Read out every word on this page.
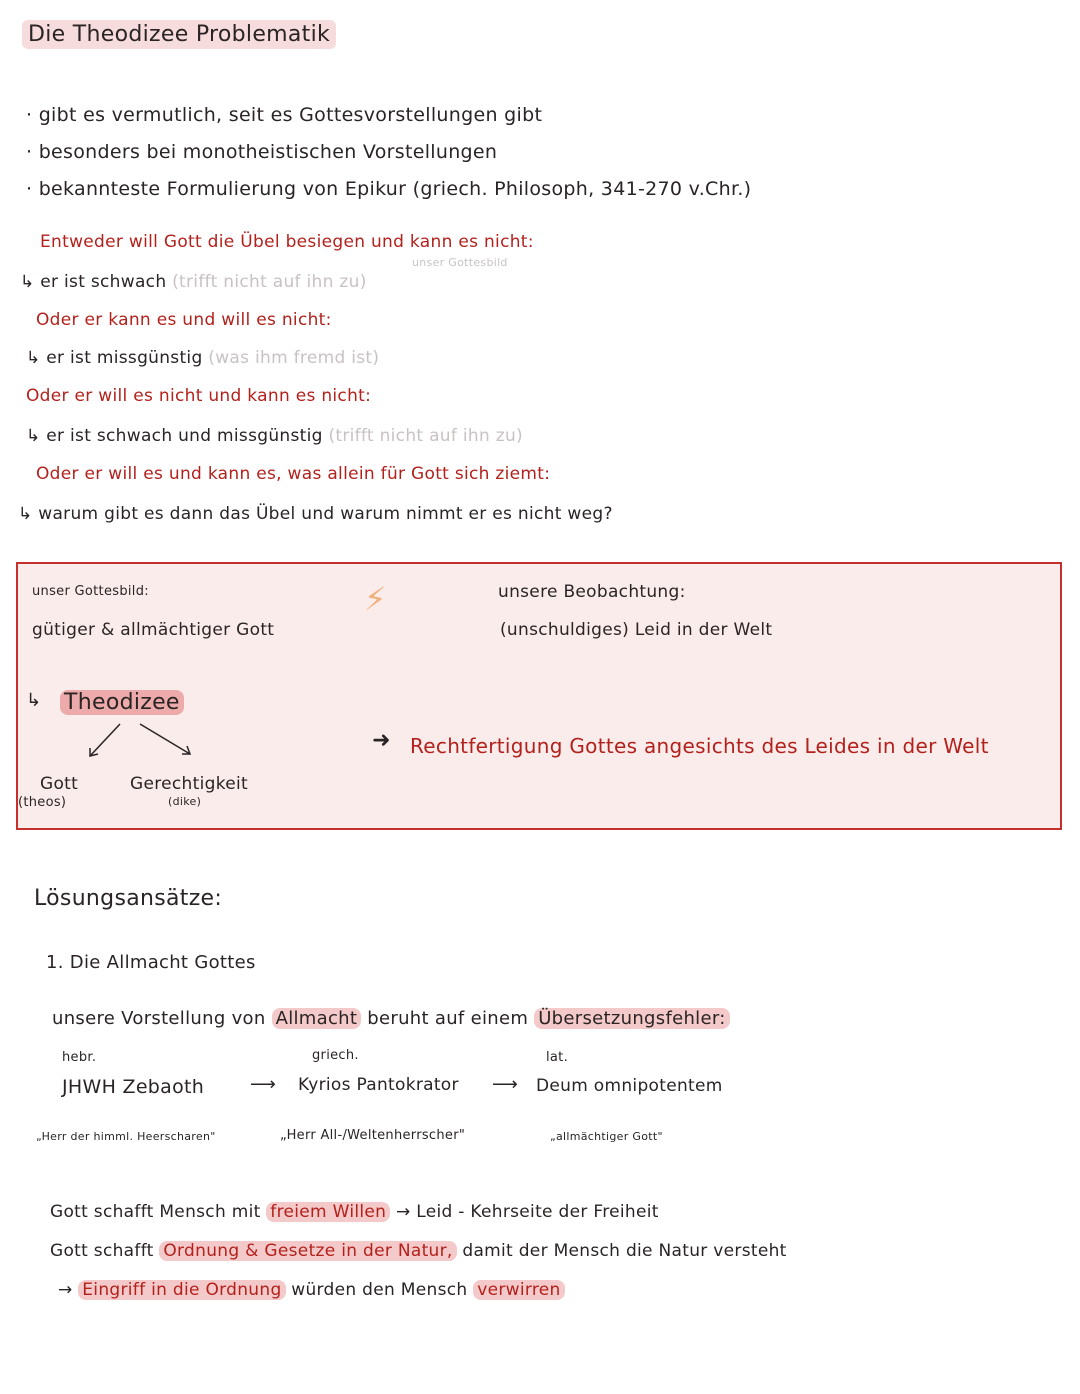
Die Theodizee Problematik
· gibt es vermutlich, seit es Gottesvorstellungen gibt
· besonders bei monotheistischen Vorstellungen
· bekannteste Formulierung von Epikur (griech. Philosoph, 341-270 v.Chr.)
Entweder will Gott die Übel besiegen und kann es nicht:
unser Gottesbild
↳ er ist schwach (trifft nicht auf ihn zu)
Oder er kann es und will es nicht:
↳ er ist missgünstig (was ihm fremd ist)
Oder er will es nicht und kann es nicht:
↳ er ist schwach und missgünstig (trifft nicht auf ihn zu)
Oder er will es und kann es, was allein für Gott sich ziemt:
↳ warum gibt es dann das Übel und warum nimmt er es nicht weg?
unser Gottesbild:
gütiger & allmächtiger Gott
⚡	unsere Beobachtung:
(unschuldiges) Leid in der Welt
↳ Theodizee
Gott
(theos)
Gerechtigkeit
(dike)
➜ Rechtfertigung Gottes angesichts des Leides in der Welt
Lösungsansätze:
1. Die Allmacht Gottes
unsere Vorstellung von Allmacht beruht auf einem Übersetzungsfehler:
hebr.	griech.	lat.
JHWH Zebaoth	⟶ Kyrios Pantokrator ⟶ Deum omnipotentem
„Herr der himml. Heerscharen"	„Herr All-/Weltenherrscher"	„allmächtiger Gott"
Gott schafft Mensch mit freiem Willen → Leid - Kehrseite der Freiheit
Gott schafft Ordnung & Gesetze in der Natur, damit der Mensch die Natur versteht
→ Eingriff in die Ordnung würden den Mensch verwirren
